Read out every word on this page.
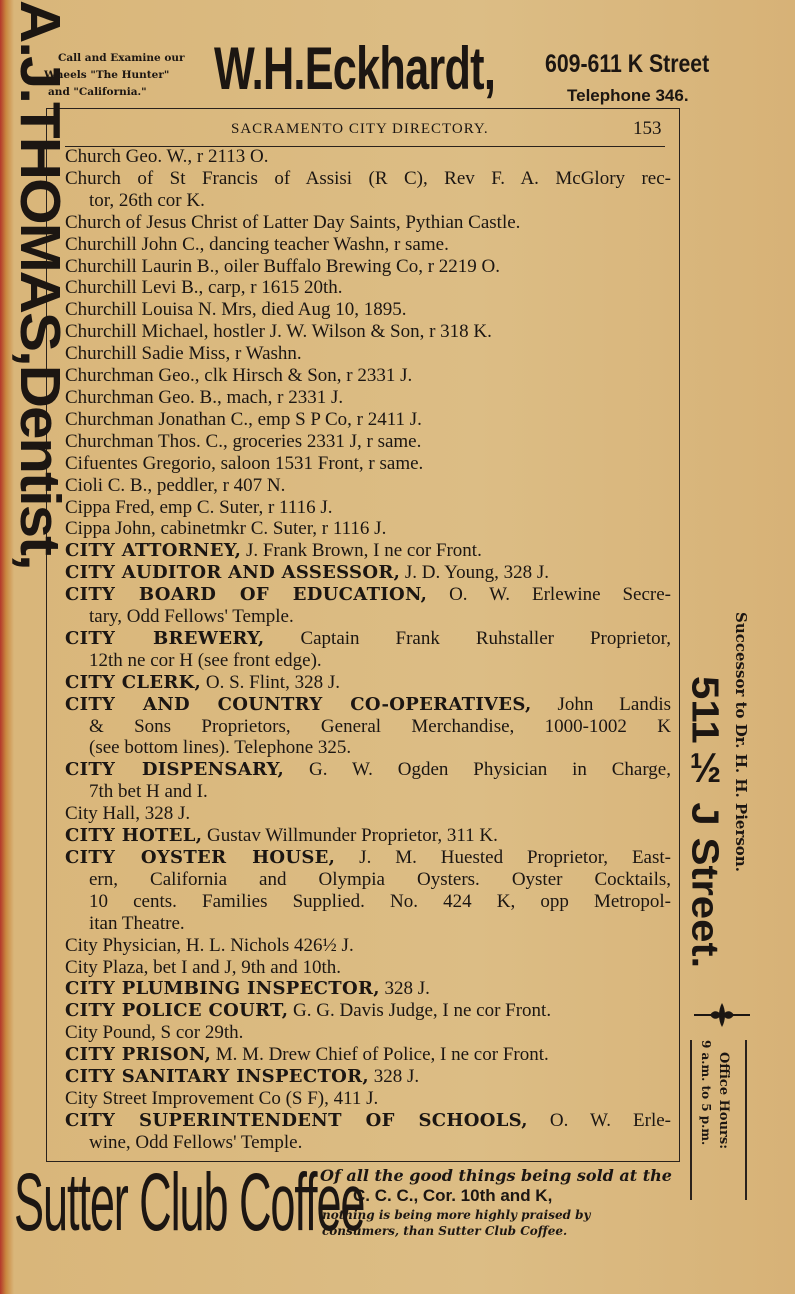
Call and Examine our
Wheels "The Hunter"
and "California."	W.H.Eckhardt, 609-611 K Street
Telephone 346.
SACRAMENTO CITY DIRECTORY.	153
Church Geo. W., r 2113 O.
Church of St Francis of Assisi (R C), Rev F. A. McGlory rec-
tor, 26th cor K.
Church of Jesus Christ of Latter Day Saints, Pythian Castle.
Churchill John C., dancing teacher Washn, r same.
Churchill Laurin B., oiler Buffalo Brewing Co, r 2219 O.
Churchill Levi B., carp, r 1615 20th.
Churchill Louisa N. Mrs, died Aug 10, 1895.
Churchill Michael, hostler J. W. Wilson & Son, r 318 K.
Churchill Sadie Miss, r Washn.
Churchman Geo., clk Hirsch & Son, r 2331 J.
Churchman Geo. B., mach, r 2331 J.
Churchman Jonathan C., emp S P Co, r 2411 J.
Churchman Thos. C., groceries 2331 J, r same.
Cifuentes Gregorio, saloon 1531 Front, r same.
Cioli C. B., peddler, r 407 N.
Cippa Fred, emp C. Suter, r 1116 J.
Cippa John, cabinetmkr C. Suter, r 1116 J.
CITY ATTORNEY, J. Frank Brown, I ne cor Front.
CITY AUDITOR AND ASSESSOR, J. D. Young, 328 J.
CITY BOARD OF EDUCATION, O. W. Erlewine Secre-
tary, Odd Fellows' Temple.
CITY BREWERY, Captain Frank Ruhstaller Proprietor,
12th ne cor H (see front edge).
CITY CLERK, O. S. Flint, 328 J.
CITY AND COUNTRY CO-OPERATIVES, John Landis
& Sons Proprietors, General Merchandise, 1000-1002 K
(see bottom lines). Telephone 325.
CITY DISPENSARY, G. W. Ogden Physician in Charge,
7th bet H and I.
City Hall, 328 J.
CITY HOTEL, Gustav Willmunder Proprietor, 311 K.
CITY OYSTER HOUSE, J. M. Huested Proprietor, East-
ern, California and Olympia Oysters. Oyster Cocktails,
10 cents. Families Supplied. No. 424 K, opp Metropol-
itan Theatre.
City Physician, H. L. Nichols 426½ J.
City Plaza, bet I and J, 9th and 10th.
CITY PLUMBING INSPECTOR, 328 J.
CITY POLICE COURT, G. G. Davis Judge, I ne cor Front.
City Pound, S cor 29th.
CITY PRISON, M. M. Drew Chief of Police, I ne cor Front.
CITY SANITARY INSPECTOR, 328 J.
City Street Improvement Co (S F), 411 J.
CITY SUPERINTENDENT OF SCHOOLS, O. W. Erle-
wine, Odd Fellows' Temple.
A.J.THOMAS,Dentist,
Successor to Dr. H. H. Pierson.
511½ J Street.
Office Hours:
9 a.m. to 5 p.m.
Sutter Club Coffee
Of all the good things being sold at the
C. C. C., Cor. 10th and K,
nothing is being more highly praised by
consumers, than Sutter Club Coffee.
